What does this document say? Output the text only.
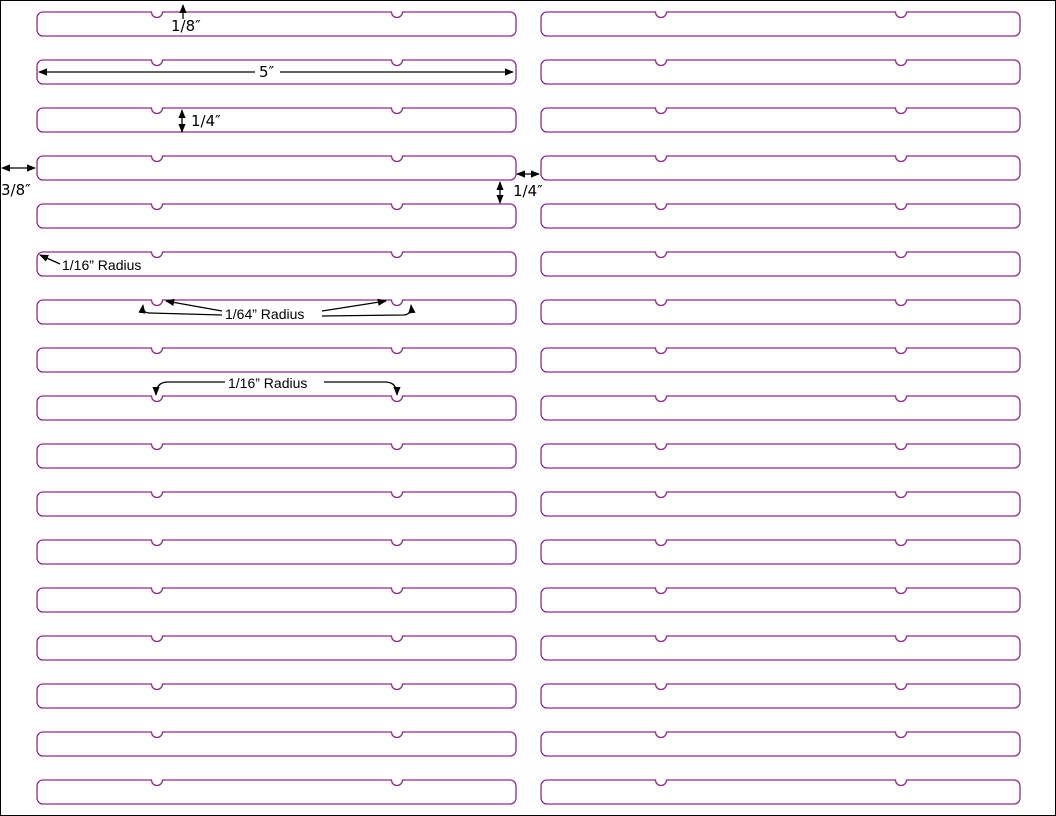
1/8″
5″
1/4″
3/8″	1/4″
1/16” Radius
1/64” Radius
1/16” Radius
